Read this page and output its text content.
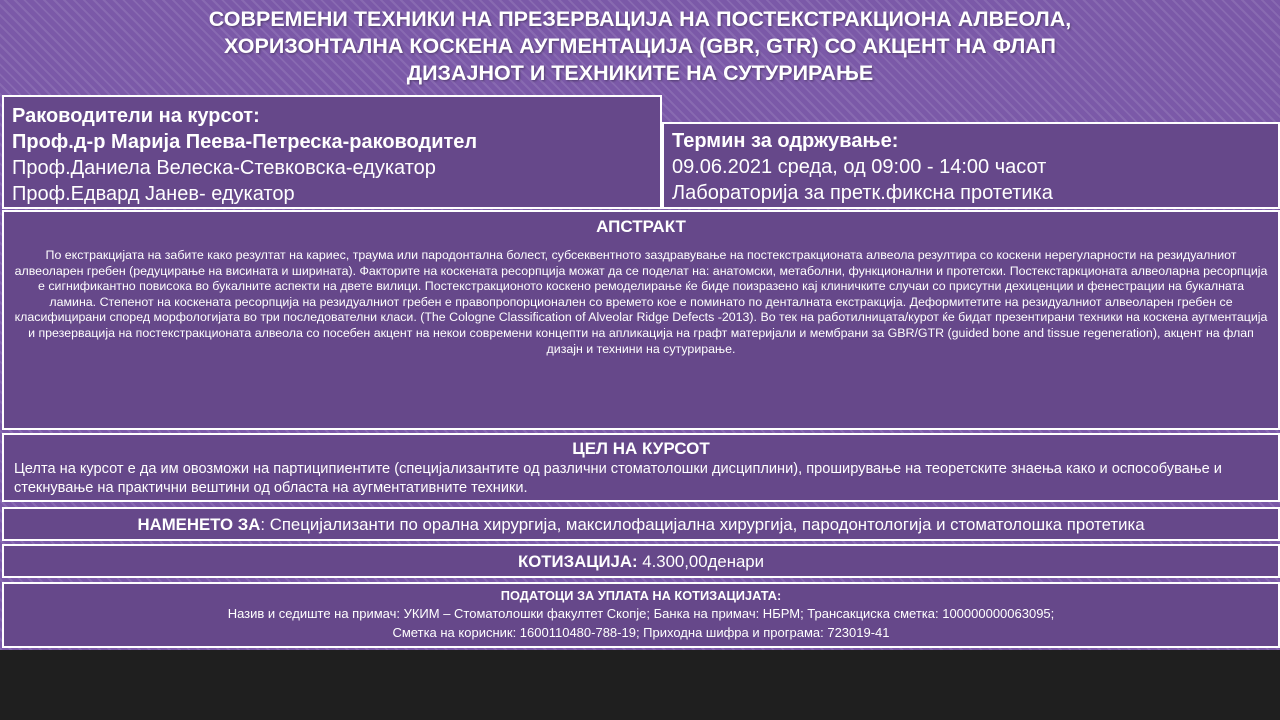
СОВРЕМЕНИ ТЕХНИКИ НА ПРЕЗЕРВАЦИЈА НА ПОСТЕКСТРАКЦИОНА АЛВЕОЛА,
ХОРИЗОНТАЛНА КОСКЕНА АУГМЕНТАЦИЈА (GBR, GTR) СО АКЦЕНТ НА ФЛАП
ДИЗАЈНОТ И ТЕХНИКИТЕ НА СУТУРИРАЊЕ
Раководители на курсот:
Проф.д-р Марија Пеева-Петреска-раководител
Проф.Даниела Велеска-Стевковска-едукатор
Проф.Едвард Јанев- едукатор
Термин за одржување:
09.06.2021 среда, од 09:00 - 14:00 часот
Лабораторија за претк.фиксна протетика
АПСТРАКТ
По екстракцијата на забите како резултат на кариес, траума или пародонтална болест, субсеквентното заздравување на постекстракционата алвеола резултира со коскени нерегуларности на резидуалниот алвеоларен гребен (редуцирање на висината и ширината). Факторите на коскената ресорпција можат да се поделат на: анатомски, метаболни, функционални и протетски. Постекстаркционата алвеоларна ресорпција е сигнификантно повисока во букалните аспекти на двете вилици. Постекстракционото коскено ремоделирање ќе биде поизразено кај клиничките случаи со присутни дехиценции и фенестрации на букалната ламина. Степенот на коскената ресорпција на резидуалниот гребен е правопропорционален со времето кое е поминато по денталната екстракција. Деформитетите на резидуалниот алвеоларен гребен се класифицирани според морфологијата во три последователни класи. (The Cologne Classification of Alveolar Ridge Defects -2013). Во тек на работилницата/курот ќе бидат презентирани техники на коскена аугментација и презервација на постекстракционата алвеола со посебен акцент на некои современи концепти на апликација на графт материјали и мембрани за GBR/GTR (guided bone and tissue regeneration), акцент на флап дизајн и технини на сутурирање.
ЦЕЛ НА КУРСОТ
Целта на курсот е да им овозможи на партиципиентите (специјализантите од различни стоматолошки дисциплини), проширување на теоретските знаења како и оспособување и стекнување на практични вештини од областа на аугментативните техники.
НАМЕНЕТО ЗА: Специјализанти по орална хирургија, максилофацијална хирургија, пародонтологија и стоматолошка протетика
КОТИЗАЦИЈА: 4.300,00денари
ПОДАТОЦИ ЗА УПЛАТА НА КОТИЗАЦИЈАТА:
Назив и седиште на примач: УКИМ – Стоматолошки факултет Скопје; Банка на примач: НБРМ; Трансакциска сметка: 100000000063095;
Сметка на корисник: 1600110480-788-19; Приходна шифра и програма: 723019-41
